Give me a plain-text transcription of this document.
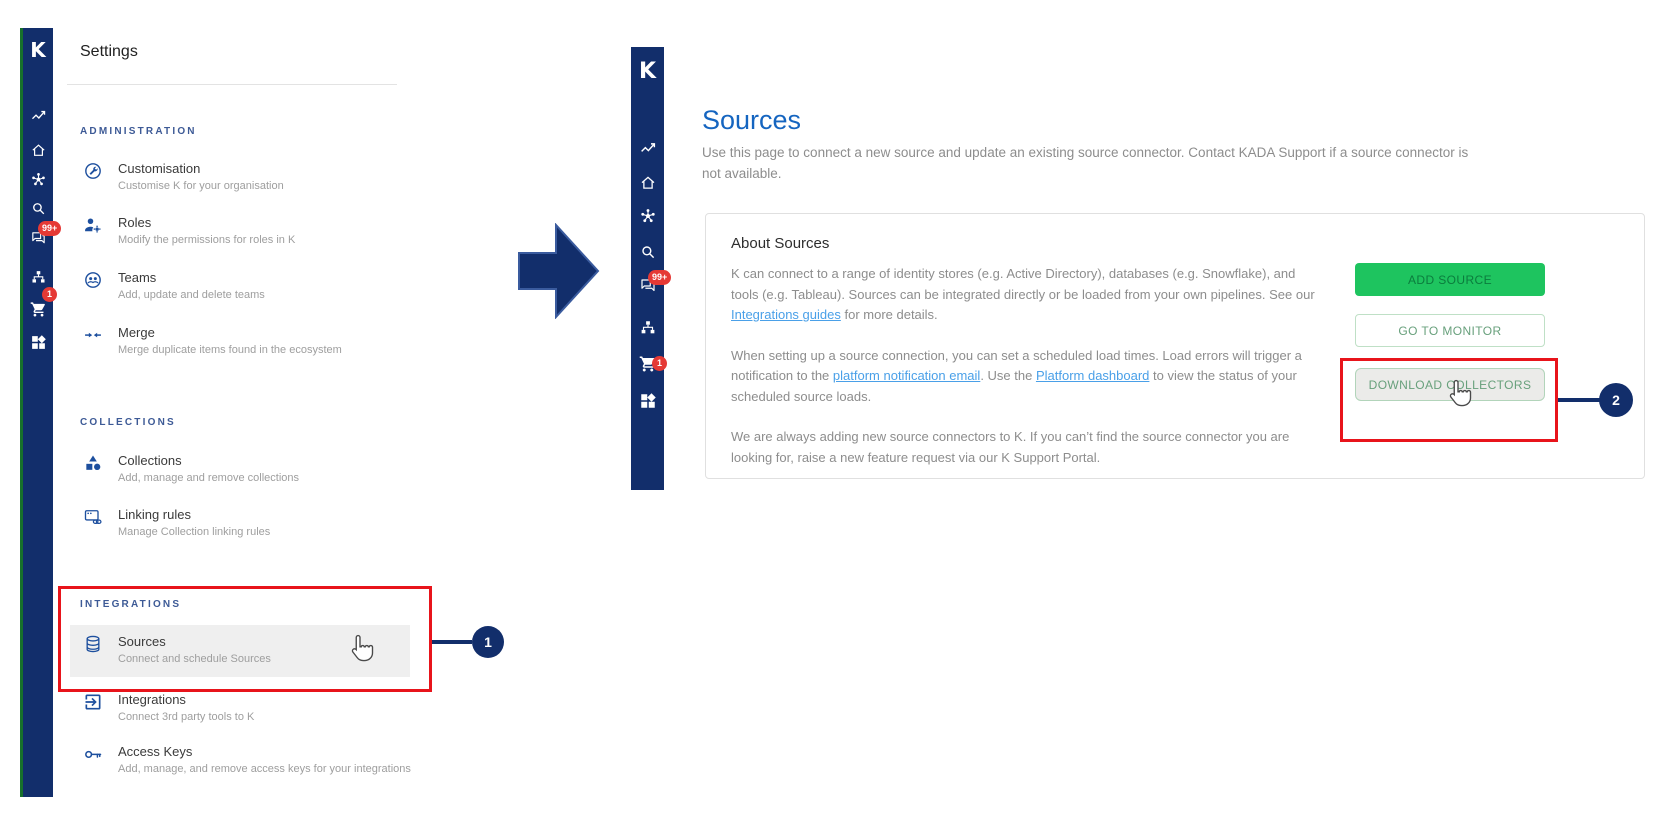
K
99+
1
Settings
ADMINISTRATION
Customisation
Customise K for your organisation
Roles
Modify the permissions for roles in K
Teams
Add, update and delete teams
Merge
Merge duplicate items found in the ecosystem
COLLECTIONS
Collections
Add, manage and remove collections
Linking rules
Manage Collection linking rules
INTEGRATIONS
Sources
Connect and schedule Sources
Integrations
Connect 3rd party tools to K
Access Keys
Add, manage, and remove access keys for your integrations
1
K
99+
1
Sources
Use this page to connect a new source and update an existing source connector. Contact KADA Support if a source connector is not available.
About Sources

K can connect to a range of identity stores (e.g. Active Directory), databases (e.g. Snowflake), and tools (e.g. Tableau). Sources can be integrated directly or be loaded from your own pipelines. See our Integrations guides for more details.

When setting up a source connection, you can set a scheduled load times. Load errors will trigger a notification to the platform notification email. Use the Platform dashboard to view the status of your scheduled source loads.

We are always adding new source connectors to K. If you can’t find the source connector you are looking for, raise a new feature request via our K Support Portal.

ADD SOURCE
GO TO MONITOR
DOWNLOAD COLLECTORS
2
